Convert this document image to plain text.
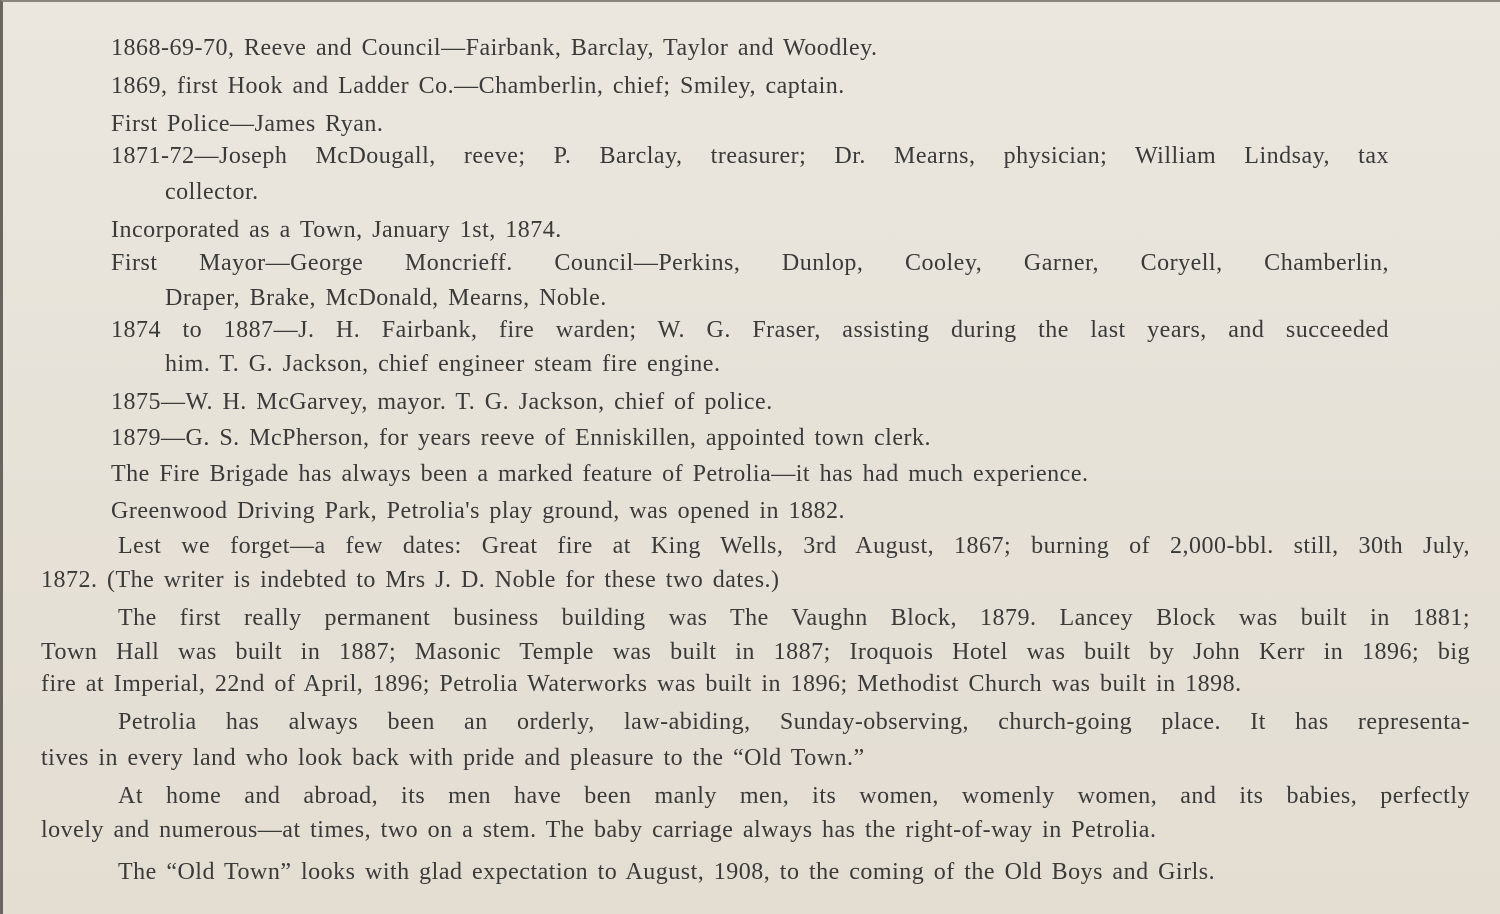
1868-69-70, Reeve and Council—Fairbank, Barclay, Taylor and Woodley.
1869, first Hook and Ladder Co.—Chamberlin, chief; Smiley, captain.
First Police—James Ryan.
1871-72—Joseph McDougall, reeve; P. Barclay, treasurer; Dr. Mearns, physician; William Lindsay, tax
collector.
Incorporated as a Town, January 1st, 1874.
First Mayor—George Moncrieff. Council—Perkins, Dunlop, Cooley, Garner, Coryell, Chamberlin,
Draper, Brake, McDonald, Mearns, Noble.
1874 to 1887—J. H. Fairbank, fire warden; W. G. Fraser, assisting during the last years, and succeeded
him. T. G. Jackson, chief engineer steam fire engine.
1875—W. H. McGarvey, mayor. T. G. Jackson, chief of police.
1879—G. S. McPherson, for years reeve of Enniskillen, appointed town clerk.
The Fire Brigade has always been a marked feature of Petrolia—it has had much experience.
Greenwood Driving Park, Petrolia's play ground, was opened in 1882.
Lest we forget—a few dates: Great fire at King Wells, 3rd August, 1867; burning of 2,000-bbl. still, 30th July,
1872. (The writer is indebted to Mrs J. D. Noble for these two dates.)
The first really permanent business building was The Vaughn Block, 1879. Lancey Block was built in 1881;
Town Hall was built in 1887; Masonic Temple was built in 1887; Iroquois Hotel was built by John Kerr in 1896; big
fire at Imperial, 22nd of April, 1896; Petrolia Waterworks was built in 1896; Methodist Church was built in 1898.
Petrolia has always been an orderly, law-abiding, Sunday-observing, church-going place. It has representa-
tives in every land who look back with pride and pleasure to the “Old Town.”
At home and abroad, its men have been manly men, its women, womenly women, and its babies, perfectly
lovely and numerous—at times, two on a stem. The baby carriage always has the right-of-way in Petrolia.
The “Old Town” looks with glad expectation to August, 1908, to the coming of the Old Boys and Girls.
